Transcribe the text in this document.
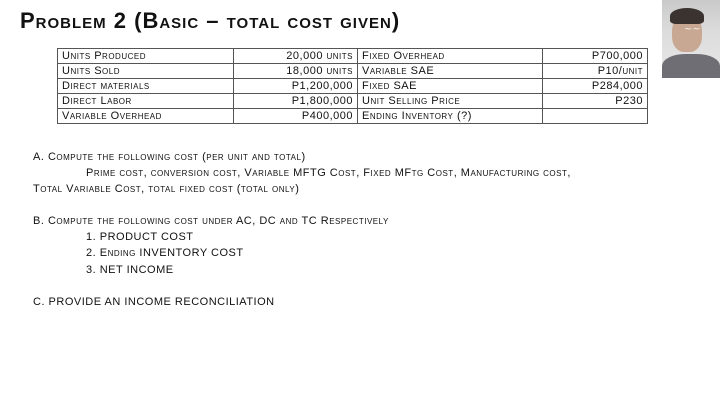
Problem 2 (Basic – total cost given)	~~
Units Produced	20,000 units	Fixed Overhead	P700,000
Units Sold	18,000 units	Variable SAE	P10/unit
Direct materials	P1,200,000	Fixed SAE	P284,000
Direct Labor	P1,800,000	Unit Selling Price	P230
Variable Overhead	P400,000	Ending Inventory (?)	
A. Compute the following cost (per unit and total)
Prime cost, conversion cost, Variable MFTG Cost, Fixed MFtg Cost, Manufacturing cost,
Total Variable Cost, total fixed cost (total only)
B. Compute the following cost under AC, DC and TC Respectively
1. PRODUCT COST
2. Ending INVENTORY COST
3. NET INCOME
C. PROVIDE AN INCOME RECONCILIATION
